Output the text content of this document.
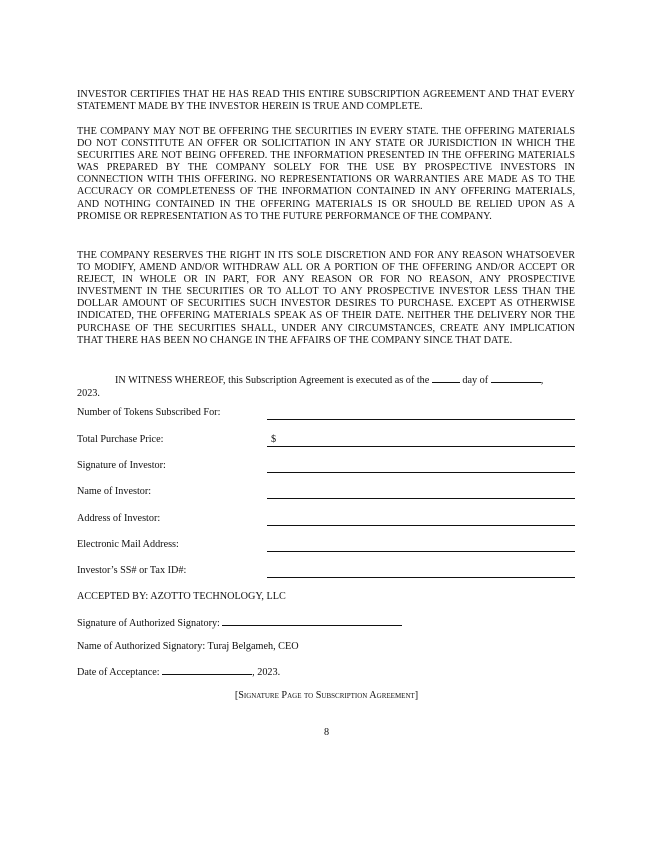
INVESTOR CERTIFIES THAT HE HAS READ THIS ENTIRE SUBSCRIPTION AGREEMENT AND THAT EVERY STATEMENT MADE BY THE INVESTOR HEREIN IS TRUE AND COMPLETE.

THE COMPANY MAY NOT BE OFFERING THE SECURITIES IN EVERY STATE. THE OFFERING MATERIALS DO NOT CONSTITUTE AN OFFER OR SOLICITATION IN ANY STATE OR JURISDICTION IN WHICH THE SECURITIES ARE NOT BEING OFFERED. THE INFORMATION PRESENTED IN THE OFFERING MATERIALS WAS PREPARED BY THE COMPANY SOLELY FOR THE USE BY PROSPECTIVE INVESTORS IN CONNECTION WITH THIS OFFERING. NO REPRESENTATIONS OR WARRANTIES ARE MADE AS TO THE ACCURACY OR COMPLETENESS OF THE INFORMATION CONTAINED IN ANY OFFERING MATERIALS, AND NOTHING CONTAINED IN THE OFFERING MATERIALS IS OR SHOULD BE RELIED UPON AS A PROMISE OR REPRESENTATION AS TO THE FUTURE PERFORMANCE OF THE COMPANY.

THE COMPANY RESERVES THE RIGHT IN ITS SOLE DISCRETION AND FOR ANY REASON WHATSOEVER TO MODIFY, AMEND AND/OR WITHDRAW ALL OR A PORTION OF THE OFFERING AND/OR ACCEPT OR REJECT, IN WHOLE OR IN PART, FOR ANY REASON OR FOR NO REASON, ANY PROSPECTIVE INVESTMENT IN THE SECURITIES OR TO ALLOT TO ANY PROSPECTIVE INVESTOR LESS THAN THE DOLLAR AMOUNT OF SECURITIES SUCH INVESTOR DESIRES TO PURCHASE. EXCEPT AS OTHERWISE INDICATED, THE OFFERING MATERIALS SPEAK AS OF THEIR DATE. NEITHER THE DELIVERY NOR THE PURCHASE OF THE SECURITIES SHALL, UNDER ANY CIRCUMSTANCES, CREATE ANY IMPLICATION THAT THERE HAS BEEN NO CHANGE IN THE AFFAIRS OF THE COMPANY SINCE THAT DATE.

IN WITNESS WHEREOF, this Subscription Agreement is executed as of the	day of	,
2023.

Number of Tokens Subscribed For:
Total Purchase Price:	$
Signature of Investor:
Name of Investor:
Address of Investor:
Electronic Mail Address:
Investor’s SS# or Tax ID#:
ACCEPTED BY: AZOTTO TECHNOLOGY, LLC
Signature of Authorized Signatory:
Name of Authorized Signatory: Turaj Belgameh, CEO
Date of Acceptance:	, 2023.
[Signature Page to Subscription Agreement]
8
